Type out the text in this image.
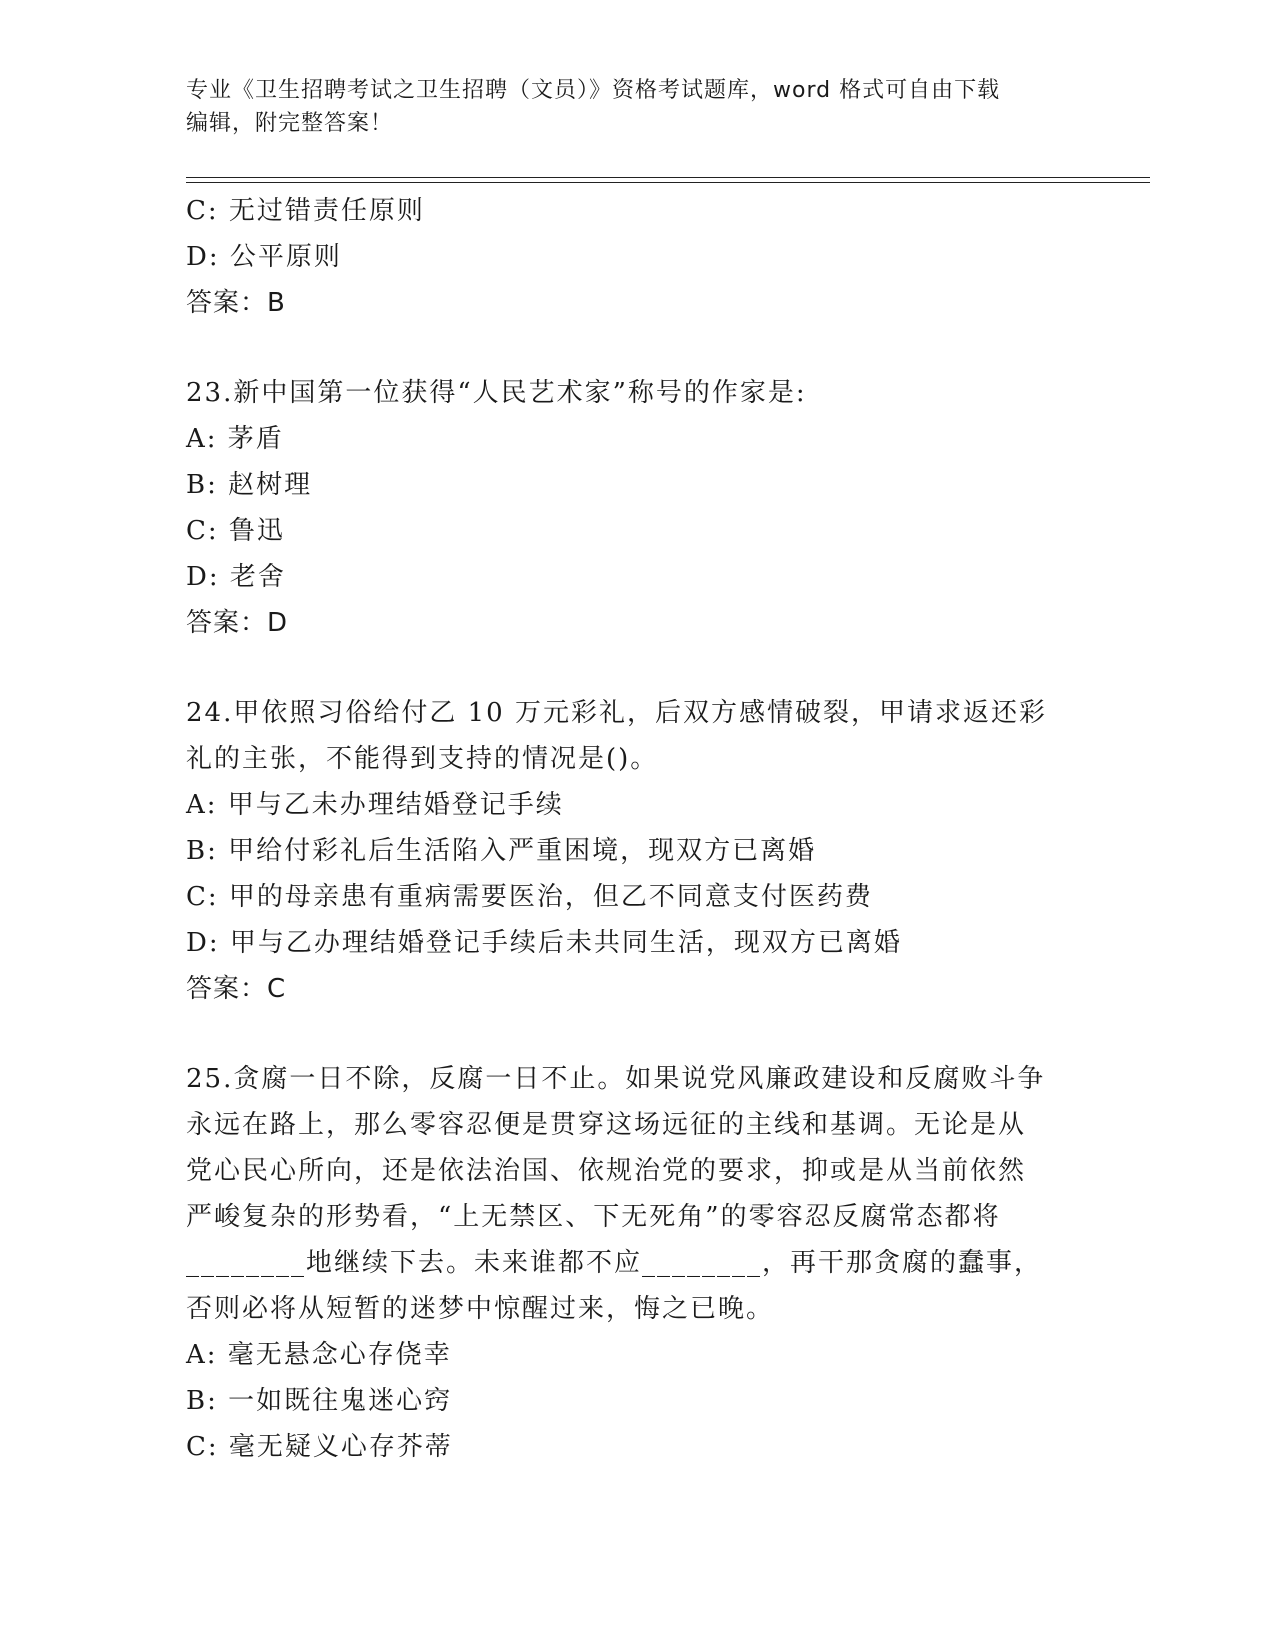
专业《卫生招聘考试之卫生招聘（文员）》资格考试题库，word 格式可自由下载
编辑，附完整答案！
C: 无过错责任原则
D: 公平原则
答案：B
23.新中国第一位获得“人民艺术家”称号的作家是:
A: 茅盾
B: 赵树理
C: 鲁迅
D: 老舍
答案：D
24.甲依照习俗给付乙 10 万元彩礼，后双方感情破裂，甲请求返还彩
礼的主张，不能得到支持的情况是()。
A: 甲与乙未办理结婚登记手续
B: 甲给付彩礼后生活陷入严重困境，现双方已离婚
C: 甲的母亲患有重病需要医治，但乙不同意支付医药费
D: 甲与乙办理结婚登记手续后未共同生活，现双方已离婚
答案：C
25.贪腐一日不除，反腐一日不止。如果说党风廉政建设和反腐败斗争
永远在路上，那么零容忍便是贯穿这场远征的主线和基调。无论是从
党心民心所向，还是依法治国、依规治党的要求，抑或是从当前依然
严峻复杂的形势看，“上无禁区、下无死角”的零容忍反腐常态都将
________地继续下去。未来谁都不应________，再干那贪腐的蠢事，
否则必将从短暂的迷梦中惊醒过来，悔之已晚。
A: 毫无悬念心存侥幸
B: 一如既往鬼迷心窍
C: 毫无疑义心存芥蒂
